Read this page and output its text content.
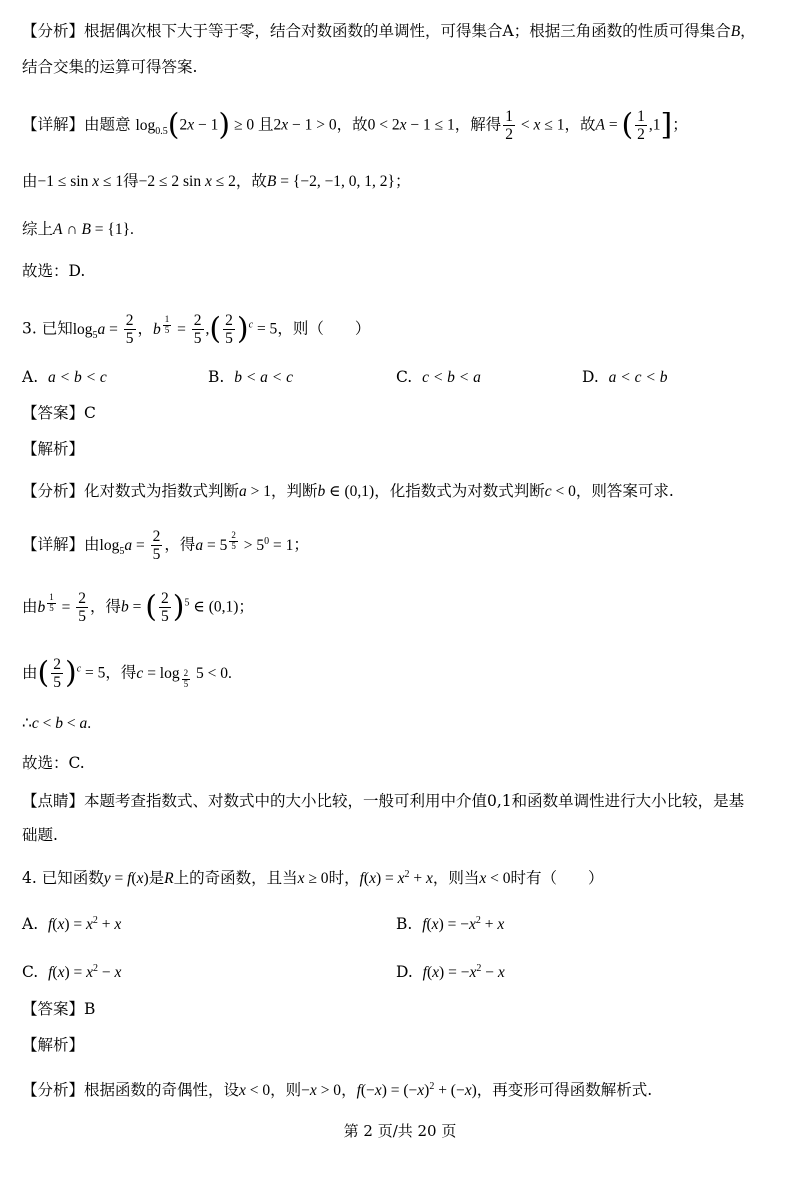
【分析】根据偶次根下大于等于零，结合对数函数的单调性，可得集合A；根据三角函数的性质可得集合B，
结合交集的运算可得答案.
【详解】由题意 $\log_{0.5}(2x - 1) \ge 0$ 且2x − 1 > 0，故0 < 2x − 1 ≤ 1，解得 $\frac{1}{2} < x \le 1$，故A = ( $\frac{1}{2} ,1$]；
由−1 ≤ sin x ≤ 1得−2 ≤ 2 sin x ≤ 2，故B = {−2, −1, 0, 1, 2}；
综上A ∩ B = {1}.
故选：D.
3. 已知$\log_5a = \frac{2}{5}$ ，b $^{\frac{1}{5}} = \frac{2}{5}$ ,( $\frac{2}{5} )^c = 5$，则（　　）
A. a < b < c	B. b < a < c	C. c < b < a	D. a < c < b
【答案】C
【解析】
【分析】化对数式为指数式判断a > 1，判断b ∈ (0,1)，化指数式为对数式判断c < 0，则答案可求.
【详解】由$\log_5a = \frac{2}{5}$ ，得a = 5 $^{\frac{2}{5}} > 5^0 = 1$；
由b $^{\frac{1}{5}} = \frac{2}{5}$ ，得b = ( $\frac{2}{5} )^5$ ∈ (0,1)；
由( $\frac{2}{5} )^c = 5$，得c = log $_{\frac{2}{5}}$ 5 < 0.
∴c < b < a.
故选：C.
【点睛】本题考查指数式、对数式中的大小比较，一般可利用中介值0,1和函数单调性进行大小比较，是基
础题.
4. 已知函数y = f(x)是R上的奇函数，且当x ≥ 0时，$f(x) = x^2 + x$，则当x < 0时有（　　）
A. $f(x) = x^2 + x$	B. $f(x) = -x^2 + x$
C. $f(x) = x^2 - x$	D. $f(x) = -x^2 - x$
【答案】B
【解析】
【分析】根据函数的奇偶性，设x < 0，则−x > 0，$f(-x) = (-x)^2 + (-x)$，再变形可得函数解析式.
第 2 页/共 20 页
